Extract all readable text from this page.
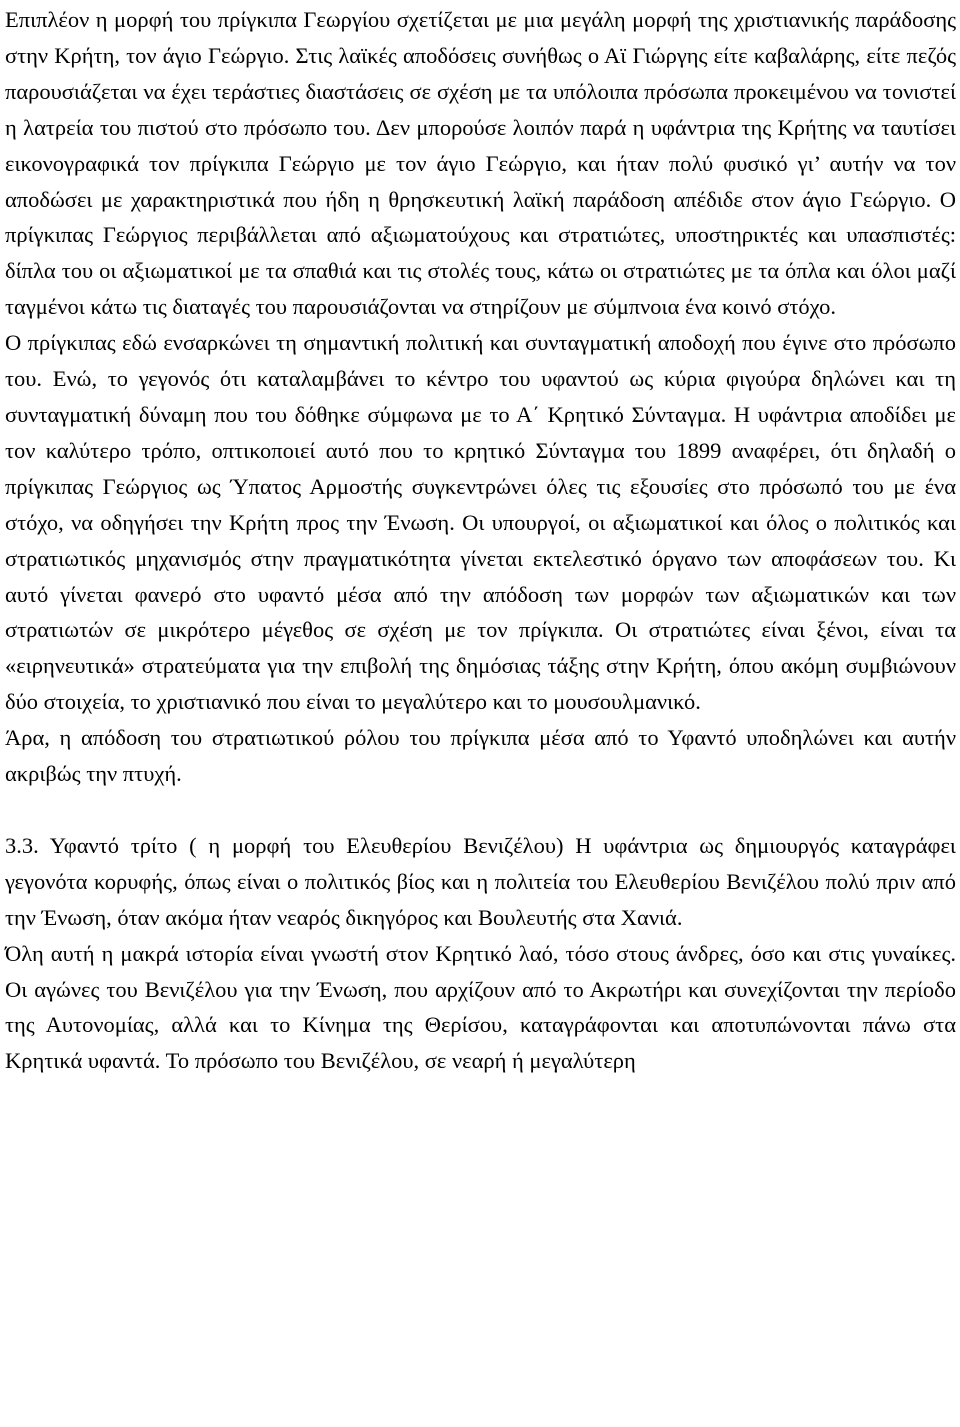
Επιπλέον η μορφή του πρίγκιπα Γεωργίου σχετίζεται με μια μεγάλη μορφή της χριστιανικής παράδοσης στην Κρήτη, τον άγιο Γεώργιο. Στις λαϊκές αποδόσεις συνήθως ο Αϊ Γιώργης είτε καβαλάρης, είτε πεζός παρουσιάζεται να έχει τεράστιες διαστάσεις σε σχέση με τα υπόλοιπα πρόσωπα προκειμένου να τονιστεί η λατρεία του πιστού στο πρόσωπο του. Δεν μπορούσε λοιπόν παρά η υφάντρια της Κρήτης να ταυτίσει εικονογραφικά τον πρίγκιπα Γεώργιο με τον άγιο Γεώργιο, και ήταν πολύ φυσικό γι’ αυτήν να τον αποδώσει με χαρακτηριστικά που ήδη η θρησκευτική λαϊκή παράδοση απέδιδε στον άγιο Γεώργιο. Ο πρίγκιπας Γεώργιος περιβάλλεται από αξιωματούχους και στρατιώτες, υποστηρικτές και υπασπιστές: δίπλα του οι αξιωματικοί με τα σπαθιά και τις στολές τους, κάτω οι στρατιώτες με τα όπλα και όλοι μαζί ταγμένοι κάτω τις διαταγές του παρουσιάζονται να στηρίζουν με σύμπνοια ένα κοινό στόχο.

Ο πρίγκιπας εδώ ενσαρκώνει τη σημαντική πολιτική και συνταγματική αποδοχή που έγινε στο πρόσωπο του. Ενώ, το γεγονός ότι καταλαμβάνει το κέντρο του υφαντού ως κύρια φιγούρα δηλώνει και τη συνταγματική δύναμη που του δόθηκε σύμφωνα με το Α΄ Κρητικό Σύνταγμα. Η υφάντρια αποδίδει με τον καλύτερο τρόπο, οπτικοποιεί αυτό που το κρητικό Σύνταγμα του 1899 αναφέρει, ότι δηλαδή ο πρίγκιπας Γεώργιος ως Ύπατος Αρμοστής συγκεντρώνει όλες τις εξουσίες στο πρόσωπό του με ένα στόχο, να οδηγήσει την Κρήτη προς την Ένωση. Οι υπουργοί, οι αξιωματικοί και όλος ο πολιτικός και στρατιωτικός μηχανισμός στην πραγματικότητα γίνεται εκτελεστικό όργανο των αποφάσεων του. Κι αυτό γίνεται φανερό στο υφαντό μέσα από την απόδοση των μορφών των αξιωματικών και των στρατιωτών σε μικρότερο μέγεθος σε σχέση με τον πρίγκιπα. Οι στρατιώτες είναι ξένοι, είναι τα «ειρηνευτικά» στρατεύματα για την επιβολή της δημόσιας τάξης στην Κρήτη, όπου ακόμη συμβιώνουν δύο στοιχεία, το χριστιανικό που είναι το μεγαλύτερο και το μουσουλμανικό.

Άρα, η απόδοση του στρατιωτικού ρόλου του πρίγκιπα μέσα από το Υφαντό υποδηλώνει και αυτήν ακριβώς την πτυχή.

3.3. Υφαντό τρίτο ( η μορφή του Ελευθερίου Βενιζέλου) Η υφάντρια ως δημιουργός καταγράφει γεγονότα κορυφής, όπως είναι ο πολιτικός βίος και η πολιτεία του Ελευθερίου Βενιζέλου πολύ πριν από την Ένωση, όταν ακόμα ήταν νεαρός δικηγόρος και Βουλευτής στα Χανιά.

Όλη αυτή η μακρά ιστορία είναι γνωστή στον Κρητικό λαό, τόσο στους άνδρες, όσο και στις γυναίκες. Οι αγώνες του Βενιζέλου για την Ένωση, που αρχίζουν από το Ακρωτήρι και συνεχίζονται την περίοδο της Αυτονομίας, αλλά και το Κίνημα της Θερίσου, καταγράφονται και αποτυπώνονται πάνω στα Κρητικά υφαντά. Το πρόσωπο του Βενιζέλου, σε νεαρή ή μεγαλύτερη
